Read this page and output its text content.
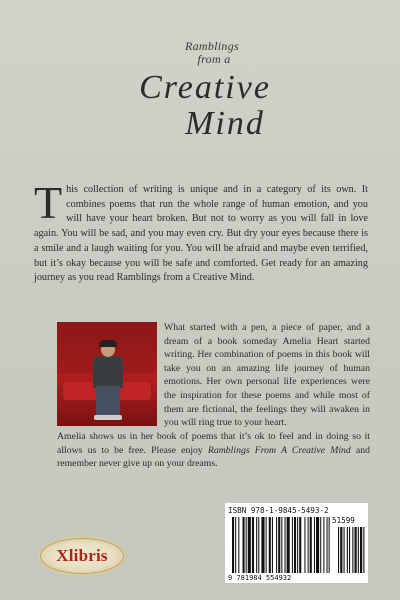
Ramblings
from a
Creative
Mind
This collection of writing is unique and in a category of its own. It combines poems that run the whole range of human emotion, and you will have your heart broken. But not to worry as you will fall in love again. You will be sad, and you may even cry. But dry your eyes because there is a smile and a laugh waiting for you. You will be afraid and maybe even terrified, but it’s okay because you will be safe and comforted. Get ready for an amazing journey as you read Ramblings from a Creative Mind.
What started with a pen, a piece of paper, and a dream of a book someday Amelia Heart started writing. Her combination of poems in this book will take you on an amazing life journey of human emotions. Her own personal life experiences were the inspiration for these poems and while most of them are fictional, the feelings they will awaken in you will ring true to your heart.
Amelia shows us in her book of poems that it’s ok to feel and in doing so it allows us to be free. Please enjoy Ramblings From A Creative Mind and remember never give up on your dreams.
Xlibris
ISBN 978-1-9845-5493-2
51599
9 781984 554932
